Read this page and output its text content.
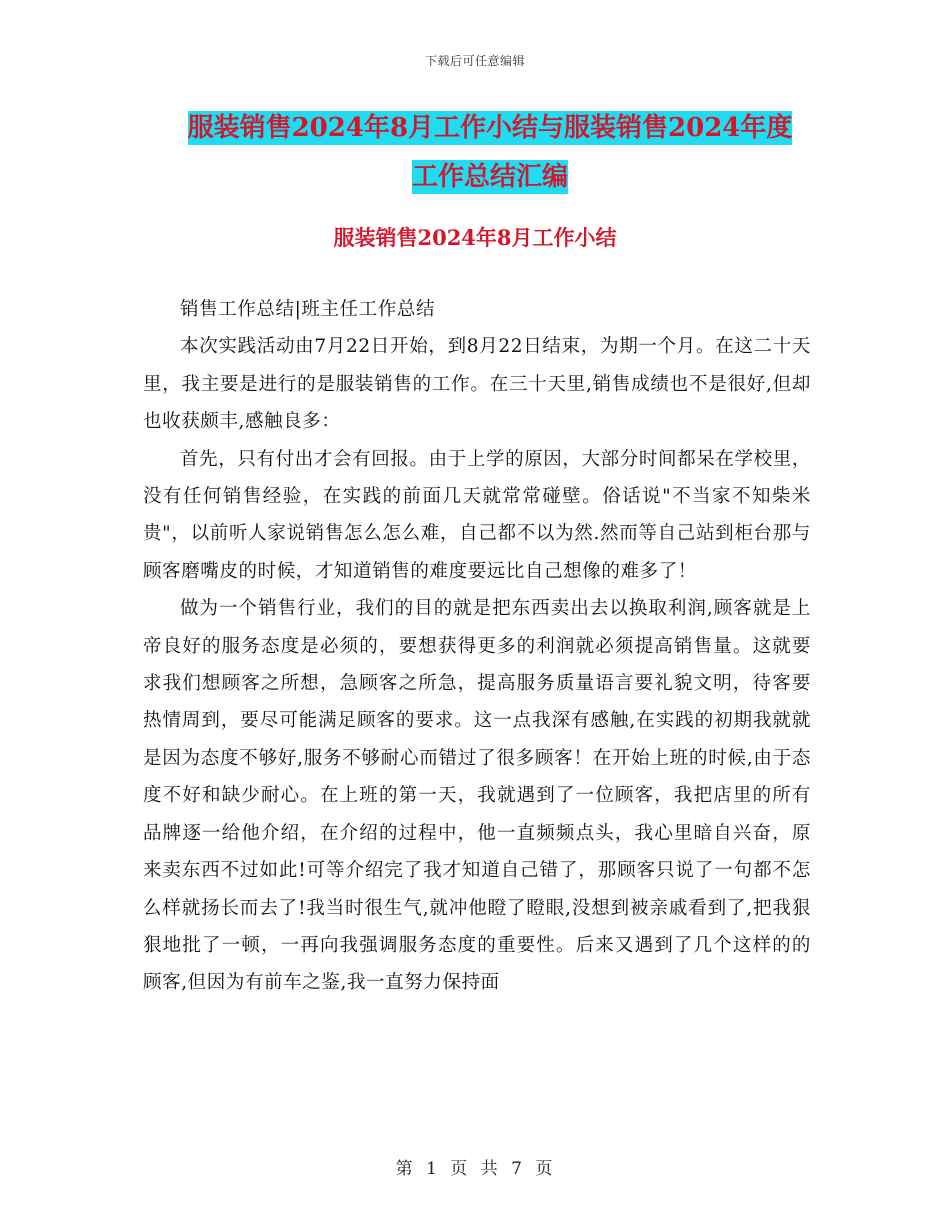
下载后可任意编辑
服装销售2024年8月工作小结与服装销售2024年度
工作总结汇编
服装销售2024年8月工作小结

销售工作总结|班主任工作总结

本次实践活动由7月22日开始，到8月22日结束，为期一个月。在这二十天里，我主要是进行的是服装销售的工作。在三十天里,销售成绩也不是很好,但却也收获颇丰,感触良多：

首先，只有付出才会有回报。由于上学的原因，大部分时间都呆在学校里，没有任何销售经验，在实践的前面几天就常常碰壁。俗话说"不当家不知柴米贵"，以前听人家说销售怎么怎么难，自己都不以为然.然而等自己站到柜台那与顾客磨嘴皮的时候，才知道销售的难度要远比自己想像的难多了！

做为一个销售行业，我们的目的就是把东西卖出去以换取利润,顾客就是上帝良好的服务态度是必须的，要想获得更多的利润就必须提高销售量。这就要求我们想顾客之所想，急顾客之所急，提高服务质量语言要礼貌文明，待客要热情周到，要尽可能满足顾客的要求。这一点我深有感触,在实践的初期我就就是因为态度不够好,服务不够耐心而错过了很多顾客！在开始上班的时候,由于态度不好和缺少耐心。在上班的第一天，我就遇到了一位顾客，我把店里的所有品牌逐一给他介绍，在介绍的过程中，他一直频频点头，我心里暗自兴奋，原来卖东西不过如此!可等介绍完了我才知道自己错了，那顾客只说了一句都不怎么样就扬长而去了!我当时很生气,就冲他瞪了瞪眼,没想到被亲戚看到了,把我狠狠地批了一顿，一再向我强调服务态度的重要性。后来又遇到了几个这样的的顾客,但因为有前车之鉴,我一直努力保持面

第 1 页 共 7 页
